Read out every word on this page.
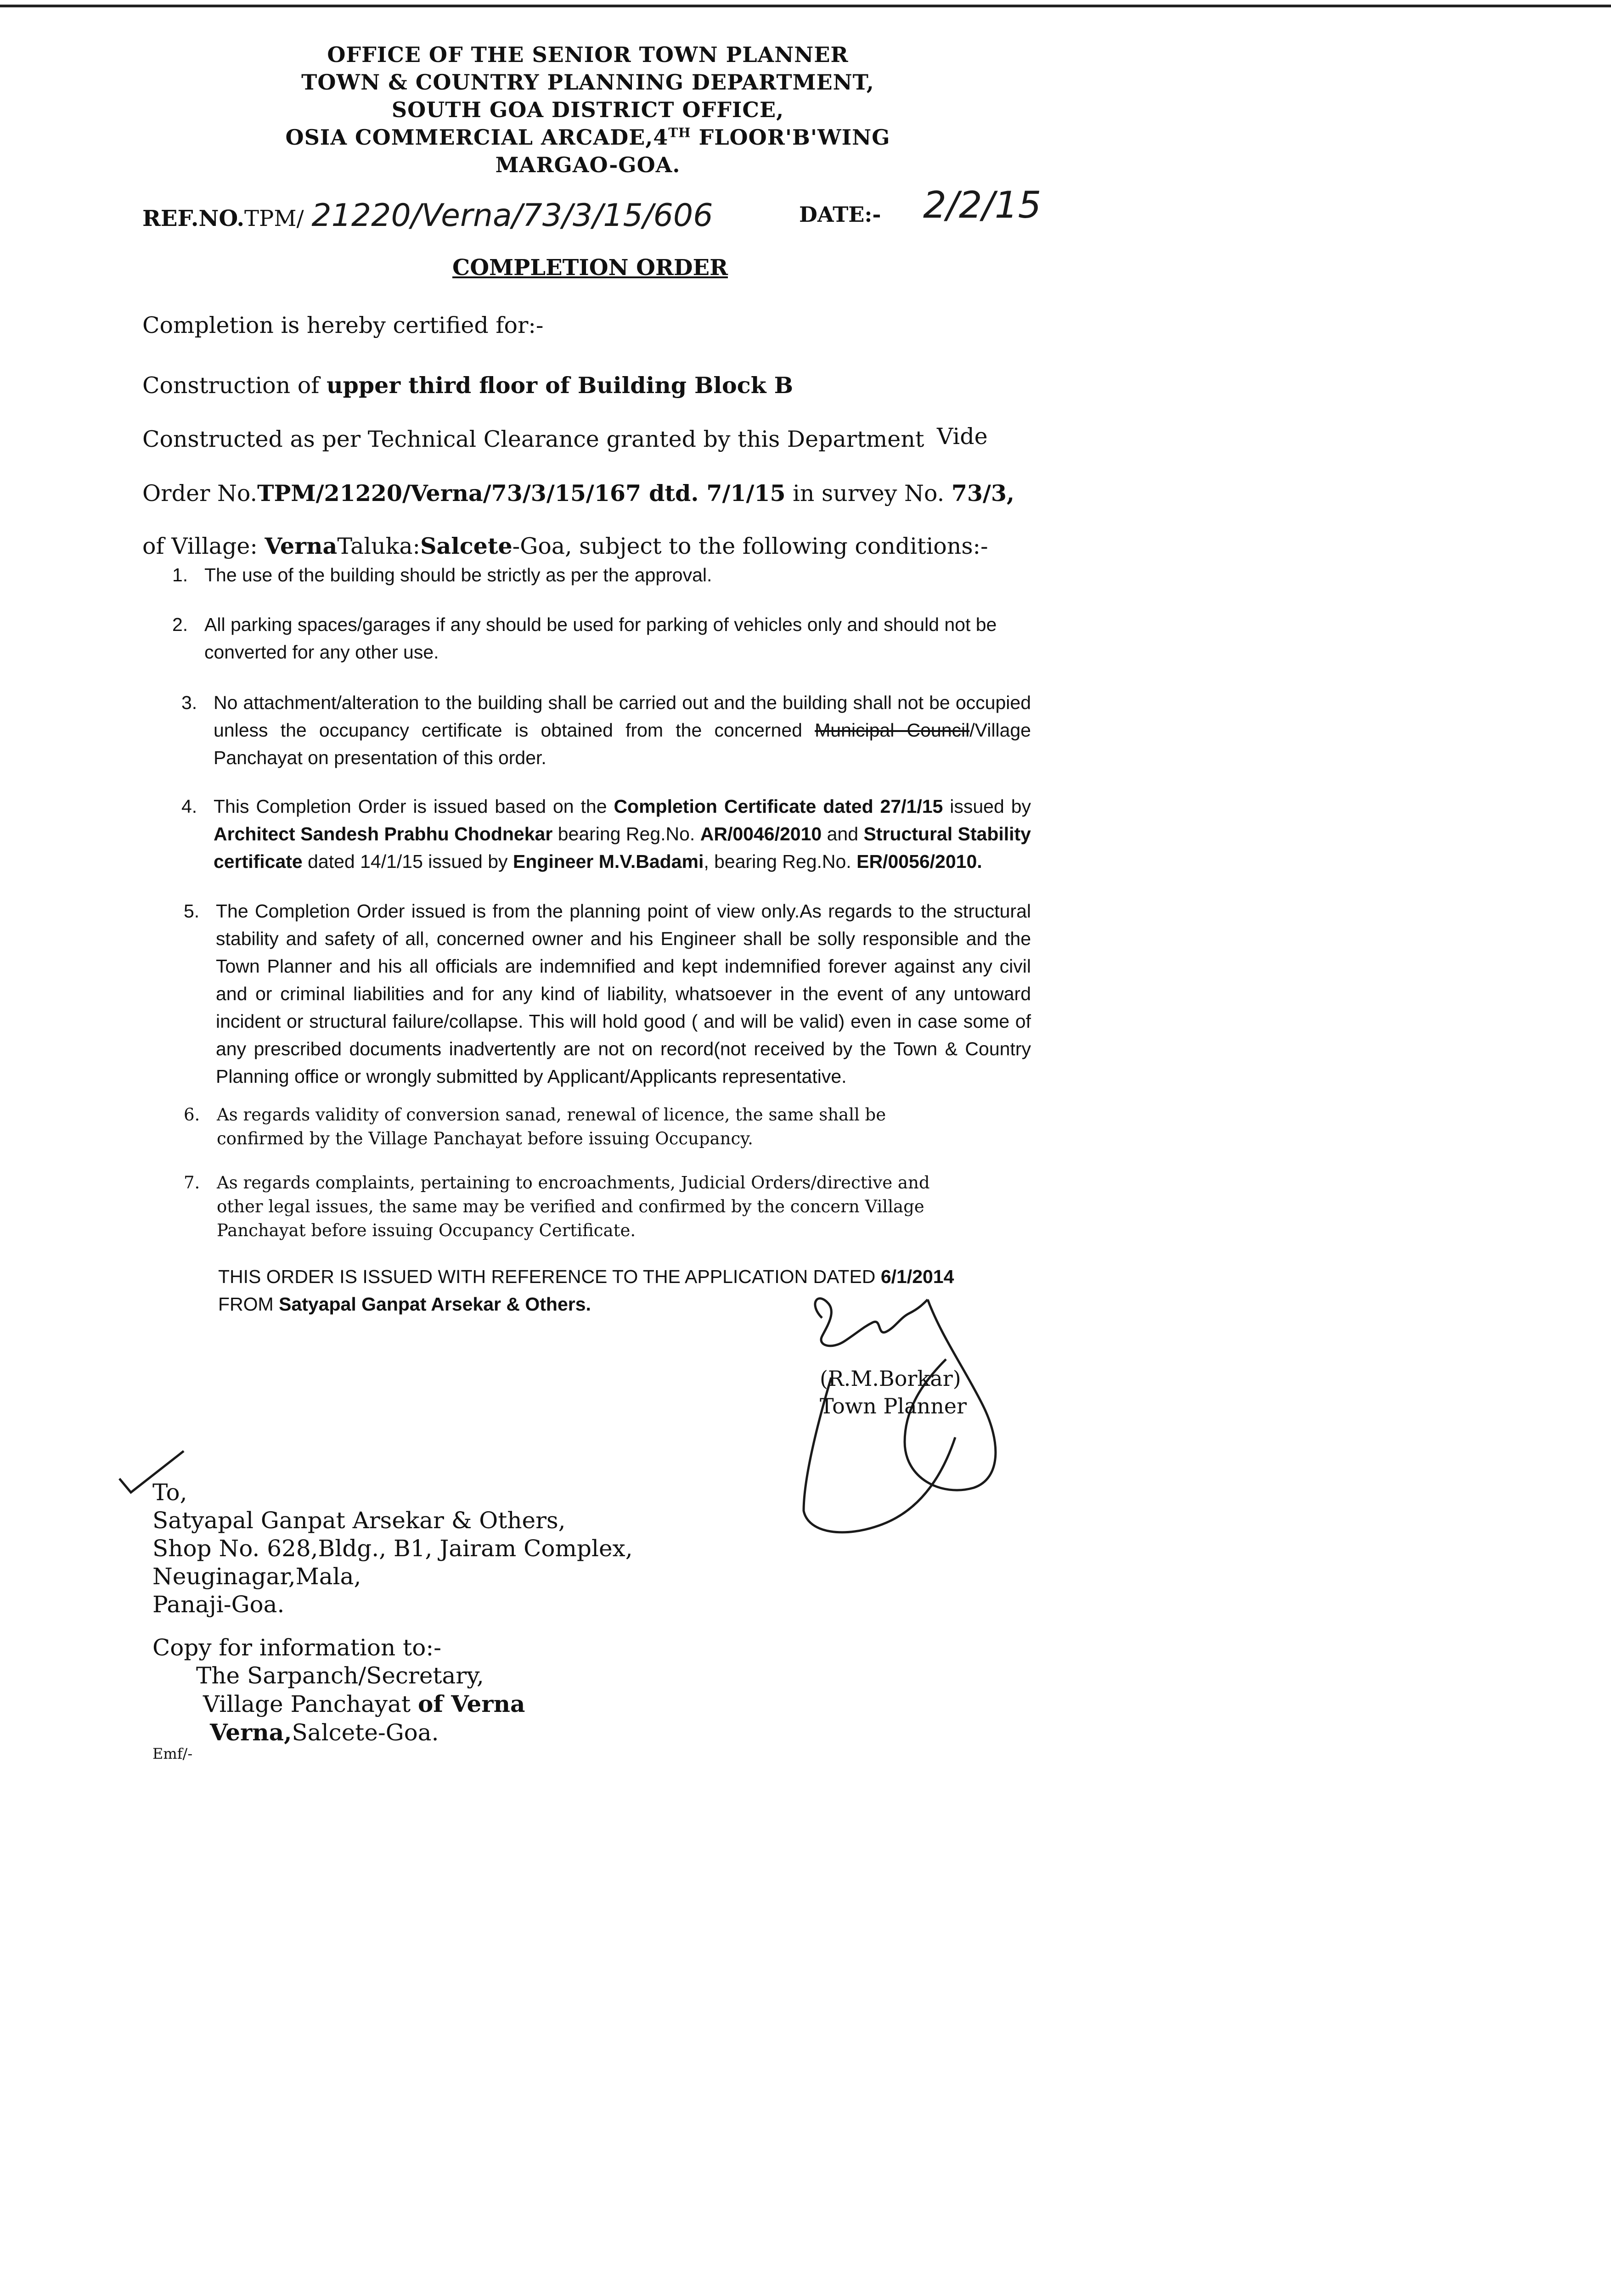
OFFICE OF THE SENIOR TOWN PLANNER
TOWN & COUNTRY PLANNING DEPARTMENT,
SOUTH GOA DISTRICT OFFICE,
OSIA COMMERCIAL ARCADE,4TH FLOOR'B'WING
MARGAO-GOA.
REF.NO.TPM/ 21220/Verna/73/3/15/606	DATE:- 2/2/15
COMPLETION ORDER
Completion is hereby certified for:-
Construction of upper third floor of Building Block B
Constructed as per Technical Clearance granted by this Department Vide
Order No.TPM/21220/Verna/73/3/15/167 dtd. 7/1/15 in survey No. 73/3,
of Village: VernaTaluka:Salcete-Goa, subject to the following conditions:-
1. The use of the building should be strictly as per the approval.
2. All parking spaces/garages if any should be used for parking of vehicles only and should not be converted for any other use.
3. No attachment/alteration to the building shall be carried out and the building shall not be occupied unless the occupancy certificate is obtained from the concerned Municipal Council/Village Panchayat on presentation of this order.
4. This Completion Order is issued based on the Completion Certificate dated 27/1/15 issued by Architect Sandesh Prabhu Chodnekar bearing Reg.No. AR/0046/2010 and Structural Stability certificate dated 14/1/15 issued by Engineer M.V.Badami, bearing Reg.No. ER/0056/2010.
5. The Completion Order issued is from the planning point of view only.As regards to the structural stability and safety of all, concerned owner and his Engineer shall be solly responsible and the Town Planner and his all officials are indemnified and kept indemnified forever against any civil and or criminal liabilities and for any kind of liability, whatsoever in the event of any untoward incident or structural failure/collapse. This will hold good ( and will be valid) even in case some of any prescribed documents inadvertently are not on record(not received by the Town & Country Planning office or wrongly submitted by Applicant/Applicants representative.
6. As regards validity of conversion sanad, renewal of licence, the same shall be confirmed by the Village Panchayat before issuing Occupancy.
7. As regards complaints, pertaining to encroachments, Judicial Orders/directive and other legal issues, the same may be verified and confirmed by the concern Village Panchayat before issuing Occupancy Certificate.
THIS ORDER IS ISSUED WITH REFERENCE TO THE APPLICATION DATED 6/1/2014
FROM Satyapal Ganpat Arsekar & Others.
(R.M.Borkar)
Town Planner
To,
Satyapal Ganpat Arsekar & Others,
Shop No. 628,Bldg., B1, Jairam Complex,
Neuginagar,Mala,
Panaji-Goa.
Copy for information to:-
The Sarpanch/Secretary,
Village Panchayat of Verna
Verna,Salcete-Goa.
Emf/-
